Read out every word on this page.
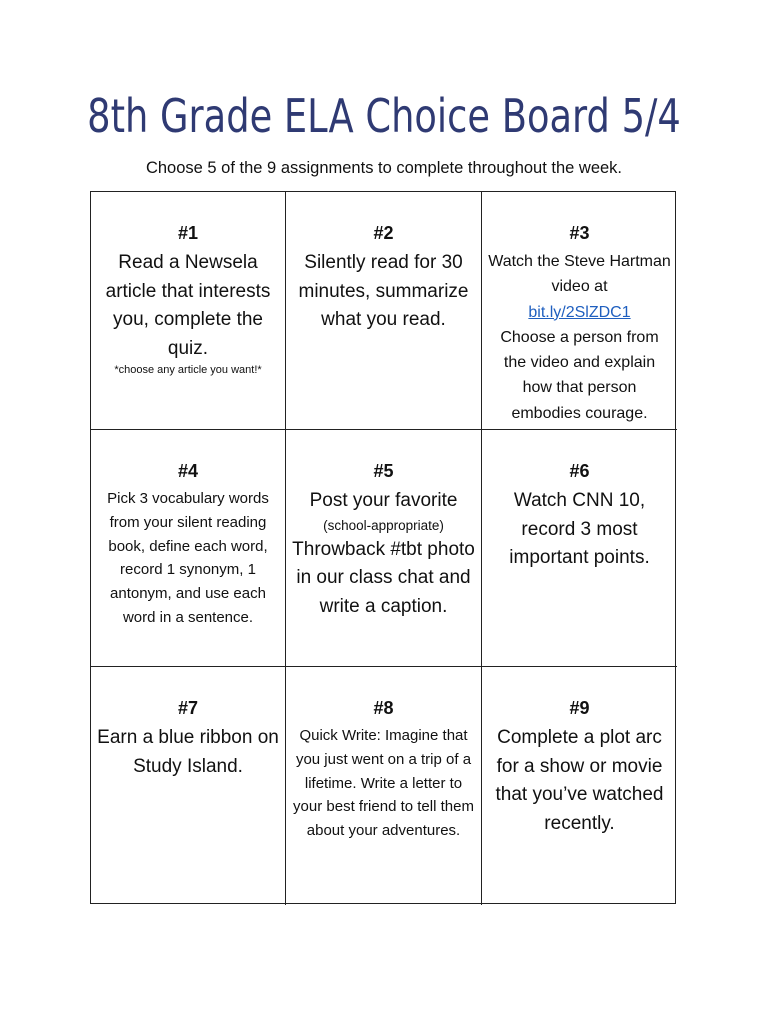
8th Grade ELA Choice Board 5/4
Choose 5 of the 9 assignments to complete throughout the week.
#1
Read a Newsela article that interests you, complete the quiz.
*choose any article you want!*
#2
Silently read for 30 minutes, summarize what you read.
#3
Watch the Steve Hartman video at
bit.ly/2SlZDC1
Choose a person from the video and explain how that person embodies courage.
#4
Pick 3 vocabulary words from your silent reading book, define each word, record 1 synonym, 1 antonym, and use each word in a sentence.
#5
Post your favorite
(school-appropriate)
Throwback #tbt photo in our class chat and write a caption.
#6
Watch CNN 10, record 3 most important points.
#7
Earn a blue ribbon on Study Island.
#8
Quick Write: Imagine that you just went on a trip of a lifetime. Write a letter to your best friend to tell them about your adventures.
#9
Complete a plot arc for a show or movie that you’ve watched recently.
